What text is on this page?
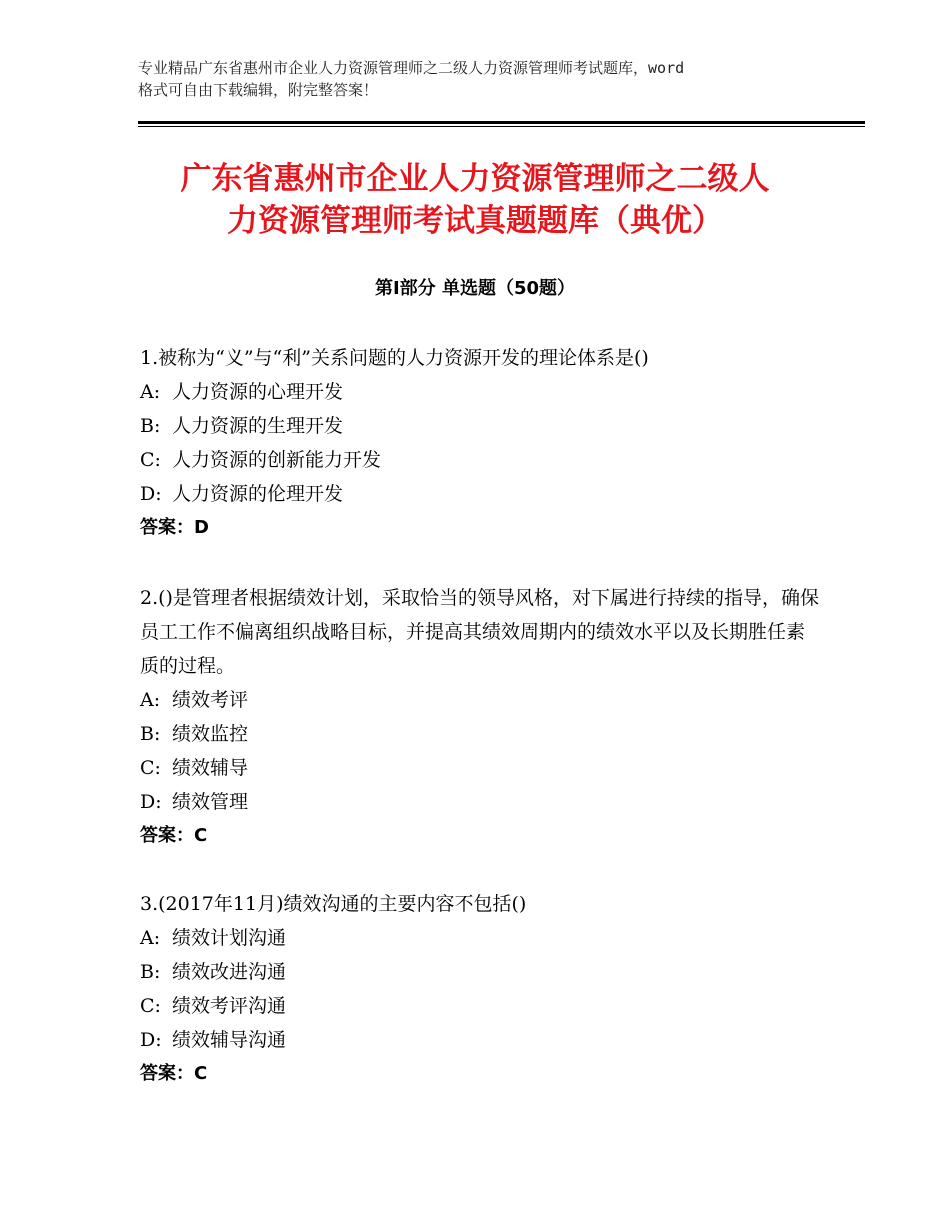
专业精品广东省惠州市企业人力资源管理师之二级人力资源管理师考试题库，word
格式可自由下载编辑，附完整答案！
广东省惠州市企业人力资源管理师之二级人
力资源管理师考试真题题库（典优）
第Ⅰ部分 单选题（50题）

1.被称为“义”与“利”关系问题的人力资源开发的理论体系是()

A: 人力资源的心理开发

B: 人力资源的生理开发

C: 人力资源的创新能力开发

D: 人力资源的伦理开发

答案：D

2.()是管理者根据绩效计划，采取恰当的领导风格，对下属进行持续的指导，确保员工工作不偏离组织战略目标，并提高其绩效周期内的绩效水平以及长期胜任素质的过程。

A: 绩效考评

B: 绩效监控

C: 绩效辅导

D: 绩效管理

答案：C

3.(2017年11月)绩效沟通的主要内容不包括()

A: 绩效计划沟通

B: 绩效改进沟通

C: 绩效考评沟通

D: 绩效辅导沟通

答案：C
